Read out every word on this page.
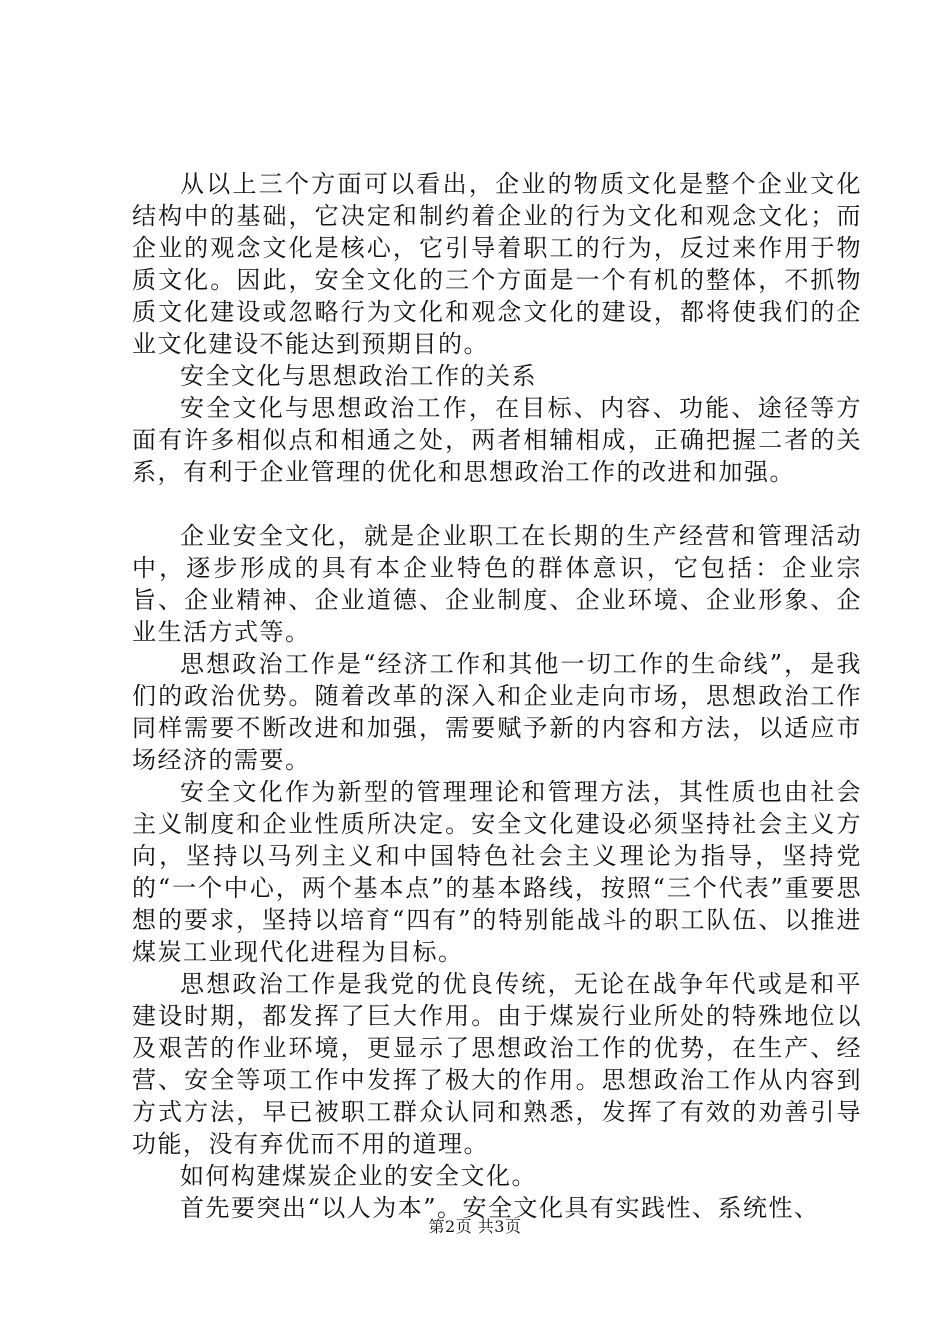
从以上三个方面可以看出，企业的物质文化是整个企业文化结构中的基础，它决定和制约着企业的行为文化和观念文化；而企业的观念文化是核心，它引导着职工的行为，反过来作用于物质文化。因此，安全文化的三个方面是一个有机的整体，不抓物质文化建设或忽略行为文化和观念文化的建设，都将使我们的企业文化建设不能达到预期目的。

安全文化与思想政治工作的关系

安全文化与思想政治工作，在目标、内容、功能、途径等方面有许多相似点和相通之处，两者相辅相成，正确把握二者的关系，有利于企业管理的优化和思想政治工作的改进和加强。

企业安全文化，就是企业职工在长期的生产经营和管理活动中，逐步形成的具有本企业特色的群体意识，它包括：企业宗旨、企业精神、企业道德、企业制度、企业环境、企业形象、企业生活方式等。

思想政治工作是“经济工作和其他一切工作的生命线”，是我们的政治优势。随着改革的深入和企业走向市场，思想政治工作同样需要不断改进和加强，需要赋予新的内容和方法，以适应市场经济的需要。

安全文化作为新型的管理理论和管理方法，其性质也由社会主义制度和企业性质所决定。安全文化建设必须坚持社会主义方向，坚持以马列主义和中国特色社会主义理论为指导，坚持党的“一个中心，两个基本点”的基本路线，按照“三个代表”重要思想的要求，坚持以培育“四有”的特别能战斗的职工队伍、以推进煤炭工业现代化进程为目标。

思想政治工作是我党的优良传统，无论在战争年代或是和平建设时期，都发挥了巨大作用。由于煤炭行业所处的特殊地位以及艰苦的作业环境，更显示了思想政治工作的优势，在生产、经营、安全等项工作中发挥了极大的作用。思想政治工作从内容到方式方法，早已被职工群众认同和熟悉，发挥了有效的劝善引导功能，没有弃优而不用的道理。

如何构建煤炭企业的安全文化。

首先要突出“以人为本”。安全文化具有实践性、系统性、

第2页 共3页
